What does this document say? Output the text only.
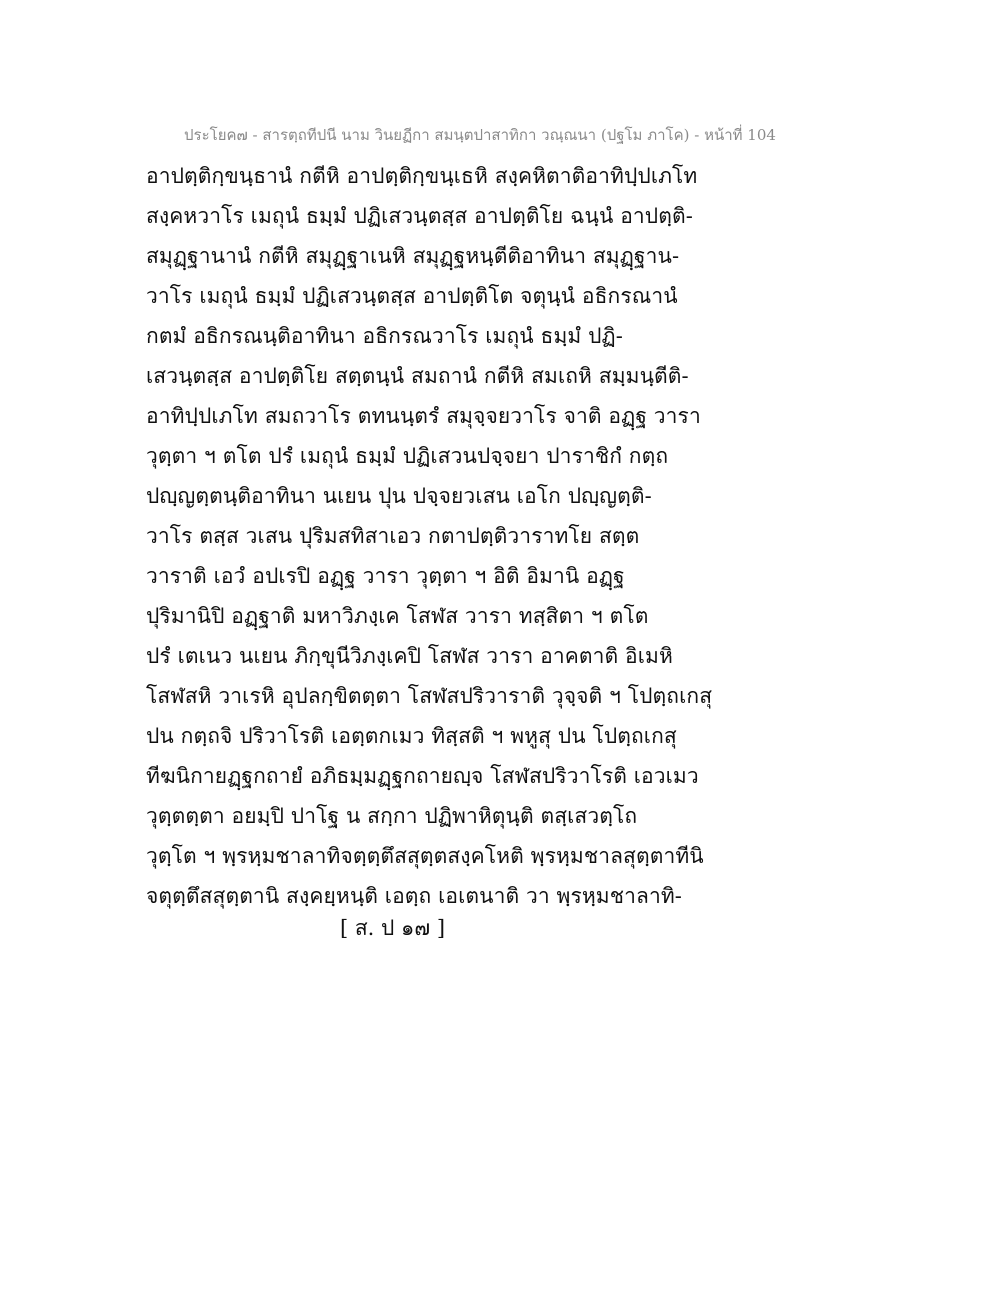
ประโยค๗ - สารตฺถทีปนี นาม วินยฏีกา สมนฺตปาสาทิกา วณฺณนา (ปฐโม ภาโค) - หน้าที่ 104
อาปตฺติกฺขนฺธานํ กตีหิ อาปตฺติกฺขนฺเธหิ สงฺคหิตาติอาทิปฺปเภโท
สงฺคหวาโร เมถุนํ ธมฺมํ ปฏิเสวนฺตสฺส อาปตฺติโย ฉนฺนํ อาปตฺติ-
สมุฏฺฐานานํ กตีหิ สมุฏฺฐาเนหิ สมุฏฺฐหนฺตีติอาทินา สมุฏฺฐาน-
วาโร เมถุนํ ธมฺมํ ปฏิเสวนฺตสฺส อาปตฺติโต จตุนฺนํ อธิกรณานํ
กตมํ อธิกรณนฺติอาทินา อธิกรณวาโร เมถุนํ ธมฺมํ ปฏิ-
เสวนฺตสฺส อาปตฺติโย สตฺตนฺนํ สมถานํ กตีหิ สมเถหิ สมฺมนฺตีติ-
อาทิปฺปเภโท สมถวาโร ตทนนฺตรํ สมุจฺจยวาโร จาติ อฏฺฐ วารา
วุตฺตา ฯ ตโต ปรํ เมถุนํ ธมฺมํ ปฏิเสวนปจฺจยา ปาราชิกํ กตฺถ
ปญฺญตฺตนฺติอาทินา นเยน ปุน ปจฺจยวเสน เอโก ปญฺญตฺติ-
วาโร ตสฺส วเสน ปุริมสทิสาเอว กตาปตฺติวาราทโย สตฺต
วาราติ เอวํ อปเรปิ อฏฺฐ วารา วุตฺตา ฯ อิติ อิมานิ อฏฺฐ
ปุริมานิปิ อฏฺฐาติ มหาวิภงฺเค โสฬส วารา ทสฺสิตา ฯ ตโต
ปรํ เตเนว นเยน ภิกฺขุนีวิภงฺเคปิ โสฬส วารา อาคตาติ อิเมหิ
โสฬสหิ วาเรหิ อุปลกฺขิตตฺตา โสฬสปริวาราติ วุจฺจติ ฯ โปตฺถเกสุ
ปน กตฺถจิ ปริวาโรติ เอตฺตกเมว ทิสฺสติ ฯ พหูสุ ปน โปตฺถเกสุ
ทีฆนิกายฏฺฐกถายํ อภิธมฺมฏฺฐกถายญฺจ โสฬสปริวาโรติ เอวเมว
วุตฺตตฺตา อยมฺปิ ปาโฐ น สกฺกา ปฏิพาหิตุนฺติ ตสฺเสวตฺโถ
วุตฺโต ฯ พฺรหฺมชาลาทิจตฺตฺตึสสุตฺตสงฺคโหติ พฺรหฺมชาลสุตฺตาทีนิ
จตุตฺตึสสุตฺตานิ สงฺคยฺหนฺติ เอตฺถ เอเตนาติ วา พฺรหฺมชาลาทิ-
[ ส. ป ๑๗ ]
